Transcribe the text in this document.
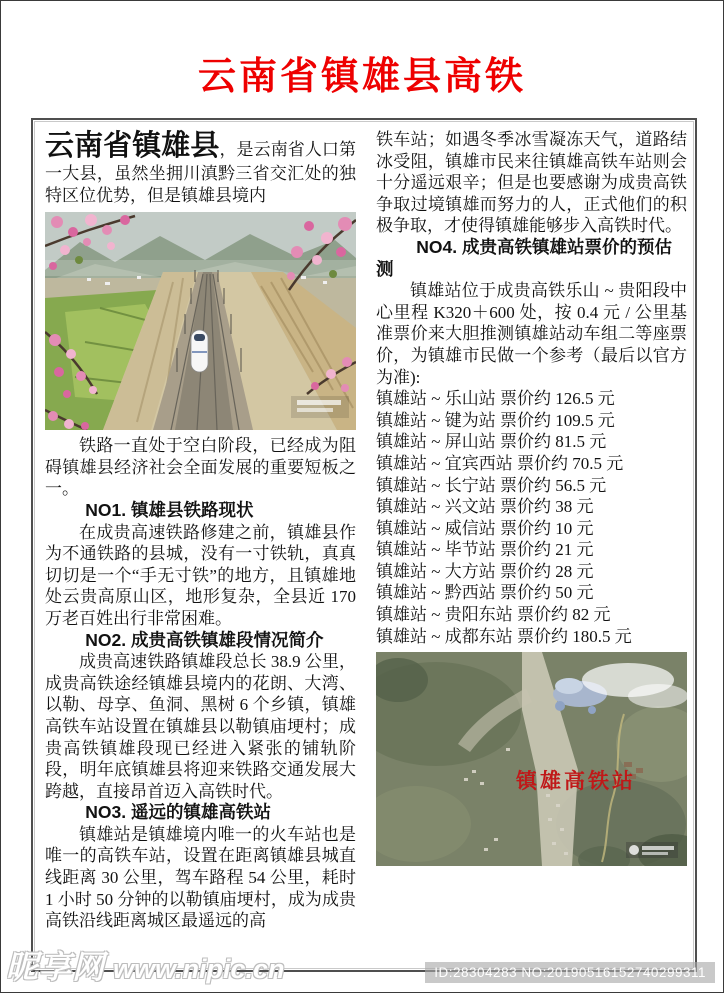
云南省镇雄县高铁

云南省镇雄县，是云南省人口第一大县，虽然坐拥川滇黔三省交汇处的独特区位优势，但是镇雄县境内

铁路一直处于空白阶段，已经成为阻碍镇雄县经济社会全面发展的重要短板之一。

NO1. 镇雄县铁路现状

在成贵高速铁路修建之前，镇雄县作为不通铁路的县城，没有一寸铁轨，真真切切是一个“手无寸铁”的地方，且镇雄地处云贵高原山区，地形复杂，全县近 170 万老百姓出行非常困难。

NO2. 成贵高铁镇雄段情况简介

成贵高速铁路镇雄段总长 38.9 公里，成贵高铁途经镇雄县境内的花朗、大湾、以勒、母享、鱼洞、黑树 6 个乡镇，镇雄高铁车站设置在镇雄县以勒镇庙埂村；成贵高铁镇雄段现已经进入紧张的铺轨阶段，明年底镇雄县将迎来铁路交通发展大跨越，直接昂首迈入高铁时代。

NO3. 遥远的镇雄高铁站

镇雄站是镇雄境内唯一的火车站也是唯一的高铁车站，设置在距离镇雄县城直线距离 30 公里，驾车路程 54 公里，耗时 1 小时 50 分钟的以勒镇庙埂村，成为成贵高铁沿线距离城区最遥远的高

铁车站；如遇冬季冰雪凝冻天气，道路结冰受阻，镇雄市民来往镇雄高铁车站则会十分遥远艰辛；但是也要感谢为成贵高铁争取过境镇雄而努力的人，正式他们的积极争取，才使得镇雄能够步入高铁时代。

NO4. 成贵高铁镇雄站票价的预估测

镇雄站位于成贵高铁乐山 ~ 贵阳段中心里程 K320＋600 处，按 0.4 元 / 公里基准票价来大胆推测镇雄站动车组二等座票价，为镇雄市民做一个参考（最后以官方为准):

镇雄站 ~ 乐山站 票价约 126.5 元
镇雄站 ~ 键为站 票价约 109.5 元
镇雄站 ~ 屏山站 票价约 81.5 元
镇雄站 ~ 宜宾西站 票价约 70.5 元
镇雄站 ~ 长宁站 票价约 56.5 元
镇雄站 ~ 兴文站 票价约 38 元
镇雄站 ~ 威信站 票价约 10 元
镇雄站 ~ 毕节站 票价约 21 元
镇雄站 ~ 大方站 票价约 28 元
镇雄站 ~ 黔西站 票价约 50 元
镇雄站 ~ 贵阳东站 票价约 82 元
镇雄站 ~ 成都东站 票价约 180.5 元
镇雄高铁站
昵享网 www.nipic.cn	ID:28304283 NO:20190516152740299311
